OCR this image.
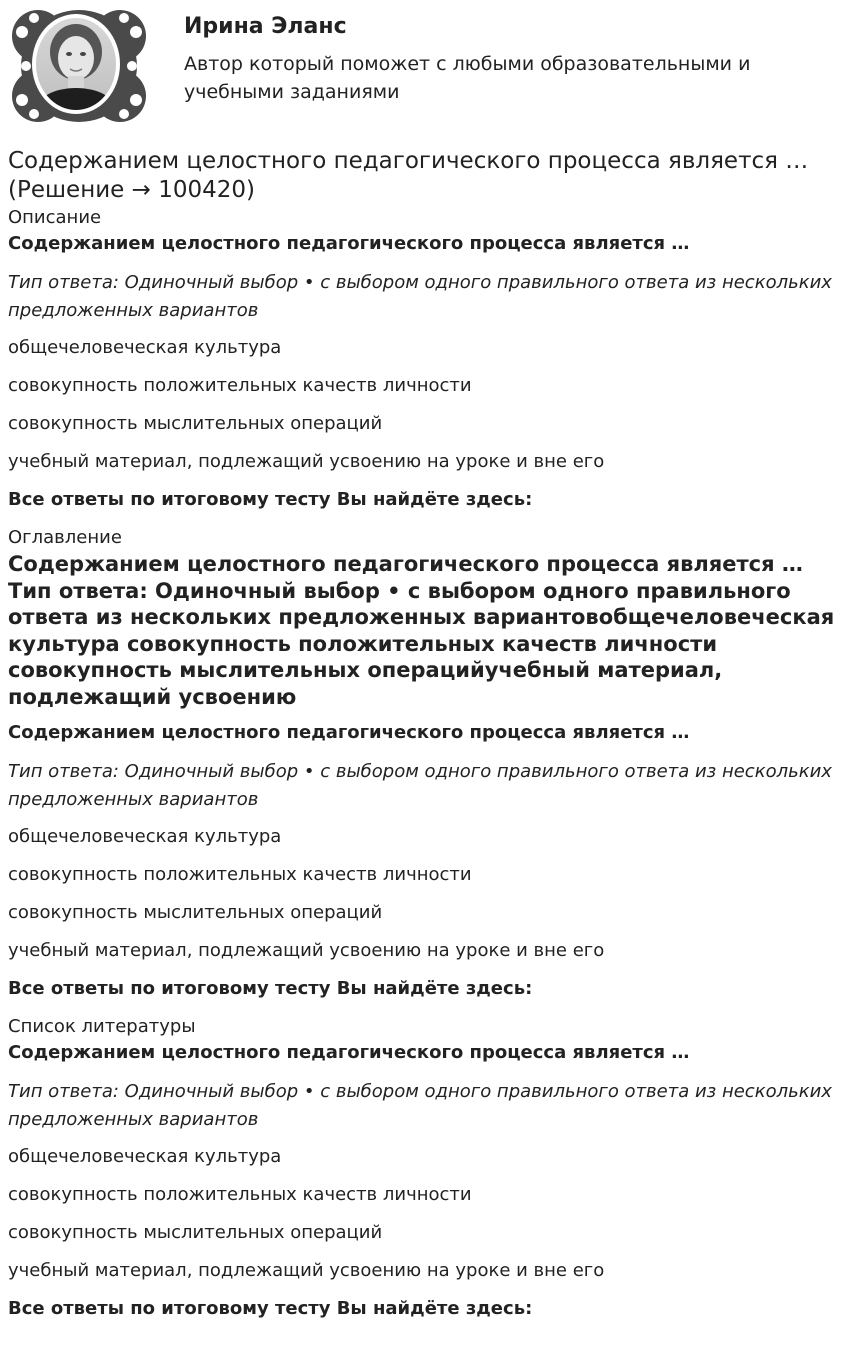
Ирина Эланс

Автор который поможет с любыми образовательными и учебными заданиями

Содержанием целостного педагогического процесса является … (Решение → 100420)
Описание

Содержанием целостного педагогического процесса является …

Тип ответа: Одиночный выбор • с выбором одного правильного ответа из нескольких предложенных вариантов

общечеловеческая культура

совокупность положительных качеств личности

совокупность мыслительных операций

учебный материал, подлежащий усвоению на уроке и вне его

Все ответы по итоговому тесту Вы найдёте здесь:

Оглавление
Содержанием целостного педагогического процесса является …Тип ответа: Одиночный выбор • с выбором одного правильного ответа из нескольких предложенных вариантовобщечеловеческая культура совокупность положительных качеств личности совокупность мыслительных операцийучебный материал, подлежащий усвоению

Содержанием целостного педагогического процесса является …

Тип ответа: Одиночный выбор • с выбором одного правильного ответа из нескольких предложенных вариантов

общечеловеческая культура

совокупность положительных качеств личности

совокупность мыслительных операций

учебный материал, подлежащий усвоению на уроке и вне его

Все ответы по итоговому тесту Вы найдёте здесь:

Список литературы

Содержанием целостного педагогического процесса является …

Тип ответа: Одиночный выбор • с выбором одного правильного ответа из нескольких предложенных вариантов

общечеловеческая культура

совокупность положительных качеств личности

совокупность мыслительных операций

учебный материал, подлежащий усвоению на уроке и вне его

Все ответы по итоговому тесту Вы найдёте здесь:
